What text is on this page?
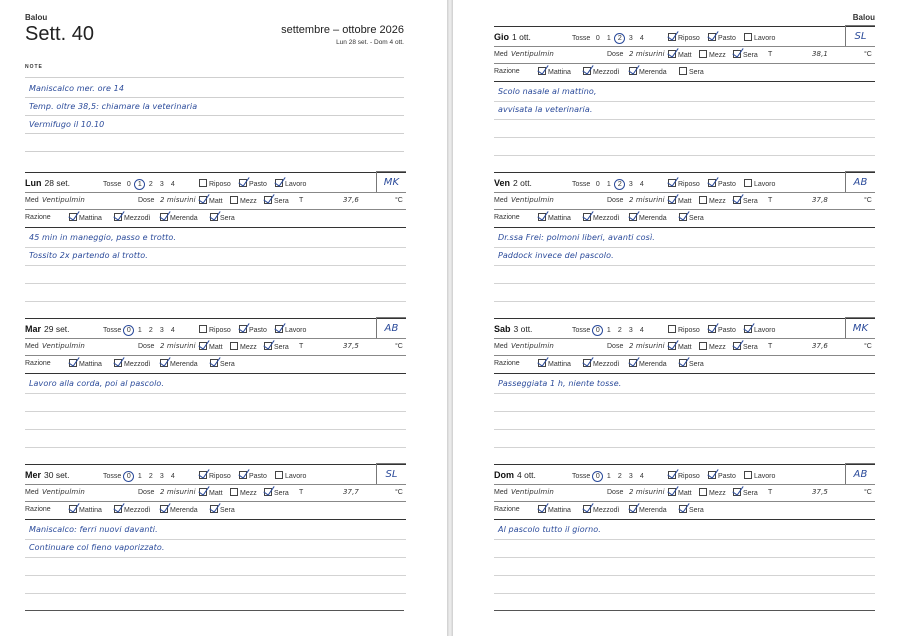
Balou
Sett. 40	settembre – ottobre 2026
Lun 28 set. - Dom 4 ott.
NOTE
Maniscalco mer. ore 14
Temp. oltre 38,5: chiamare la veterinaria
Vermifugo il 10.10
Lun 28 set.	Tosse 0 1 2 3 4	Riposo	Pasto	Lavoro	MK
Med Ventipulmin	Dose 2 misurini	Matt	Mezz	Sera T	37,6	°C
Razione	Mattina	Mezzodì	Merenda	Sera
45 min in maneggio, passo e trotto.
Tossito 2x partendo al trotto.
Mar 29 set.	Tosse 0 1 2 3 4	Riposo	Pasto	Lavoro	AB
Med Ventipulmin	Dose 2 misurini	Matt	Mezz	Sera T	37,5	°C
Razione	Mattina	Mezzodì	Merenda	Sera
Lavoro alla corda, poi al pascolo.
Mer 30 set.	Tosse 0 1 2 3 4	Riposo	Pasto	Lavoro	SL
Med Ventipulmin	Dose 2 misurini	Matt	Mezz	Sera T	37,7	°C
Razione	Mattina	Mezzodì	Merenda	Sera
Maniscalco: ferri nuovi davanti.
Continuare col fieno vaporizzato.
Balou
Gio 1 ott.	Tosse 0 1 2 3 4	Riposo	Pasto	Lavoro	SL
Med Ventipulmin	Dose 2 misurini	Matt	Mezz	Sera T	38,1	°C
Razione	Mattina	Mezzodì	Merenda	Sera
Scolo nasale al mattino,
avvisata la veterinaria.
Ven 2 ott.	Tosse 0 1 2 3 4	Riposo	Pasto	Lavoro	AB
Med Ventipulmin	Dose 2 misurini	Matt	Mezz	Sera T	37,8	°C
Razione	Mattina	Mezzodì	Merenda	Sera
Dr.ssa Frei: polmoni liberi, avanti così.
Paddock invece del pascolo.
Sab 3 ott.	Tosse 0 1 2 3 4	Riposo	Pasto	Lavoro	MK
Med Ventipulmin	Dose 2 misurini	Matt	Mezz	Sera T	37,6	°C
Razione	Mattina	Mezzodì	Merenda	Sera
Passeggiata 1 h, niente tosse.
Dom 4 ott.	Tosse 0 1 2 3 4	Riposo	Pasto	Lavoro	AB
Med Ventipulmin	Dose 2 misurini	Matt	Mezz	Sera T	37,5	°C
Razione	Mattina	Mezzodì	Merenda	Sera
Al pascolo tutto il giorno.
